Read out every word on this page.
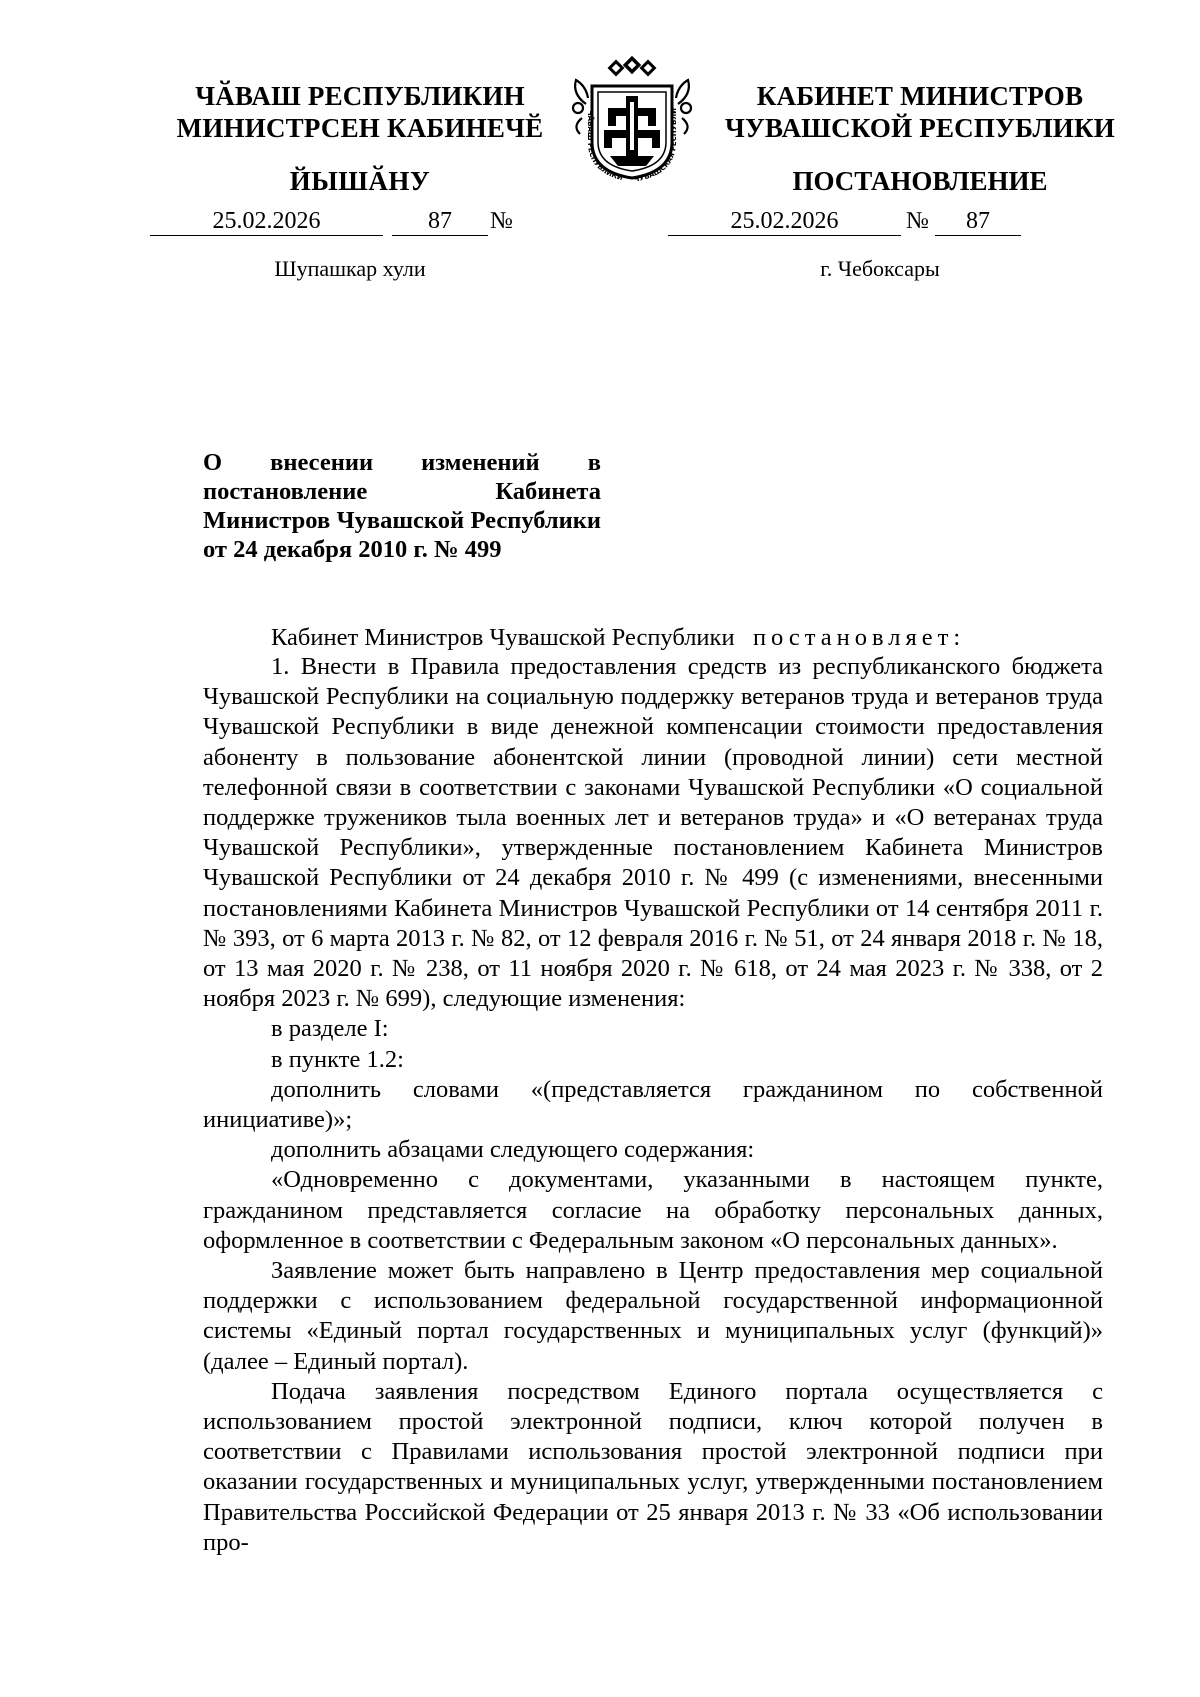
ЧӐВАШ РЕСПУБЛИКИН
МИНИСТРСЕН КАБИНЕЧӖ
ЙЫШӐНУ
ЧĂВАШ РЕСПУБЛИКИ	ЧУВАШСКАЯ РЕСПУБЛИ	КАБИНЕТ МИНИСТРОВ
ЧУВАШСКОЙ РЕСПУБЛИКИ
ПОСТАНОВЛЕНИЕ
25.02.2026	87	№	25.02.2026	№	87
Шупашкар хули	г. Чебоксары
О внесении изменений в постановление Кабинета Министров Чувашской Республики от 24 декабря 2010 г. № 499
Кабинет Министров Чувашской Республики постановляет:

1. Внести в Правила предоставления средств из республиканского бюджета Чувашской Республики на социальную поддержку ветеранов труда и ветеранов труда Чувашской Республики в виде денежной компенсации стоимости предоставления абоненту в пользование абонентской линии (проводной линии) сети местной телефонной связи в соответствии с законами Чувашской Республики «О социальной поддержке тружеников тыла военных лет и ветеранов труда» и «О ветеранах труда Чувашской Республики», утвержденные постановлением Кабинета Министров Чувашской Республики от 24 декабря 2010 г. № 499 (с изменениями, внесенными постановлениями Кабинета Министров Чувашской Республики от 14 сентября 2011 г. № 393, от 6 марта 2013 г. № 82, от 12 февраля 2016 г. № 51, от 24 января 2018 г. № 18, от 13 мая 2020 г. № 238, от 11 ноября 2020 г. № 618, от 24 мая 2023 г. № 338, от 2 ноября 2023 г. № 699), следующие изменения:

в разделе I:

в пункте 1.2:

дополнить словами «(представляется гражданином по собственной инициативе)»;

дополнить абзацами следующего содержания:

«Одновременно с документами, указанными в настоящем пункте, гражданином представляется согласие на обработку персональных данных, оформленное в соответствии с Федеральным законом «О персональных данных».

Заявление может быть направлено в Центр предоставления мер социальной поддержки с использованием федеральной государственной информационной системы «Единый портал государственных и муниципальных услуг (функций)» (далее – Единый портал).

Подача заявления посредством Единого портала осуществляется с использованием простой электронной подписи, ключ которой получен в соответствии с Правилами использования простой электронной подписи при оказании государственных и муниципальных услуг, утвержденными постановлением Правительства Российской Федерации от 25 января 2013 г. № 33 «Об использовании про-
